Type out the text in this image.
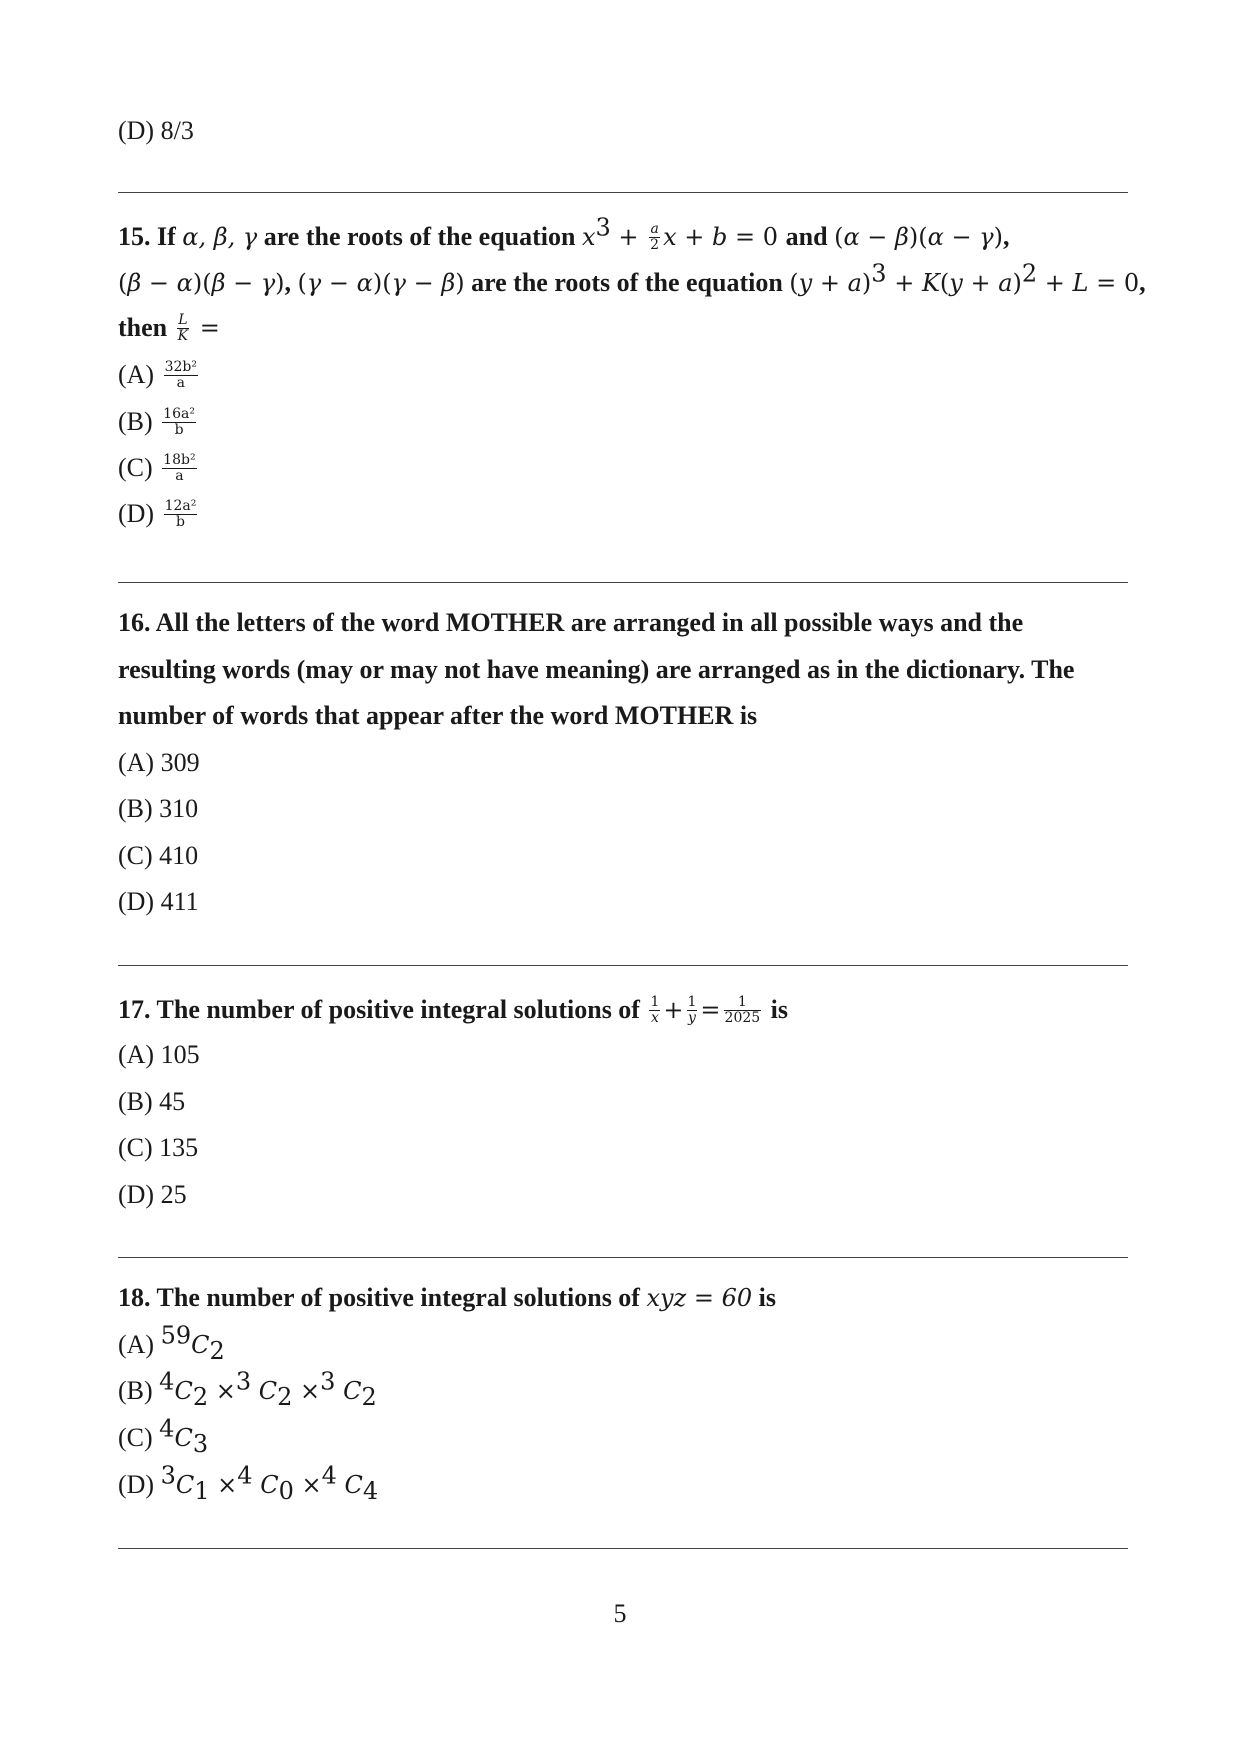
(D) 8/3
15. If α, β, γ are the roots of the equation $x^3 + \frac{a}{2}$ x + b = 0 and (α − β)(α − γ),
(β − α)(β − γ), (γ − α)(γ − β) are the roots of the equation $(y + a)^3 + K(y + a)^2 + L = 0$,
then $\frac{L}{K}$ =
$(A) \frac{\text{32b²}}{a}$
$(B) \frac{\text{16a²}}{b}$
$(C) \frac{\text{18b²}}{a}$
$(D) \frac{\text{12a²}}{b}$
16. All the letters of the word MOTHER are arranged in all possible ways and the
resulting words (may or may not have meaning) are arranged as in the dictionary. The
number of words that appear after the word MOTHER is
(A) 309
(B) 310
(C) 410
(D) 411
17. The number of positive integral solutions of $\frac{1}{x} + \frac{1}{y} = \frac{1}{2025}$ is
(A) 105
(B) 45
(C) 135
(D) 25
18. The number of positive integral solutions of xyz = 60 is
(A) $^{59}C_2$
(B) $^4C_2 \times^3$ $C_2 \times^3$ $C_2$
(C) $^4C_3$
(D) $^3C_1 \times^4$ $C_0 \times^4$ $C_4$
5
